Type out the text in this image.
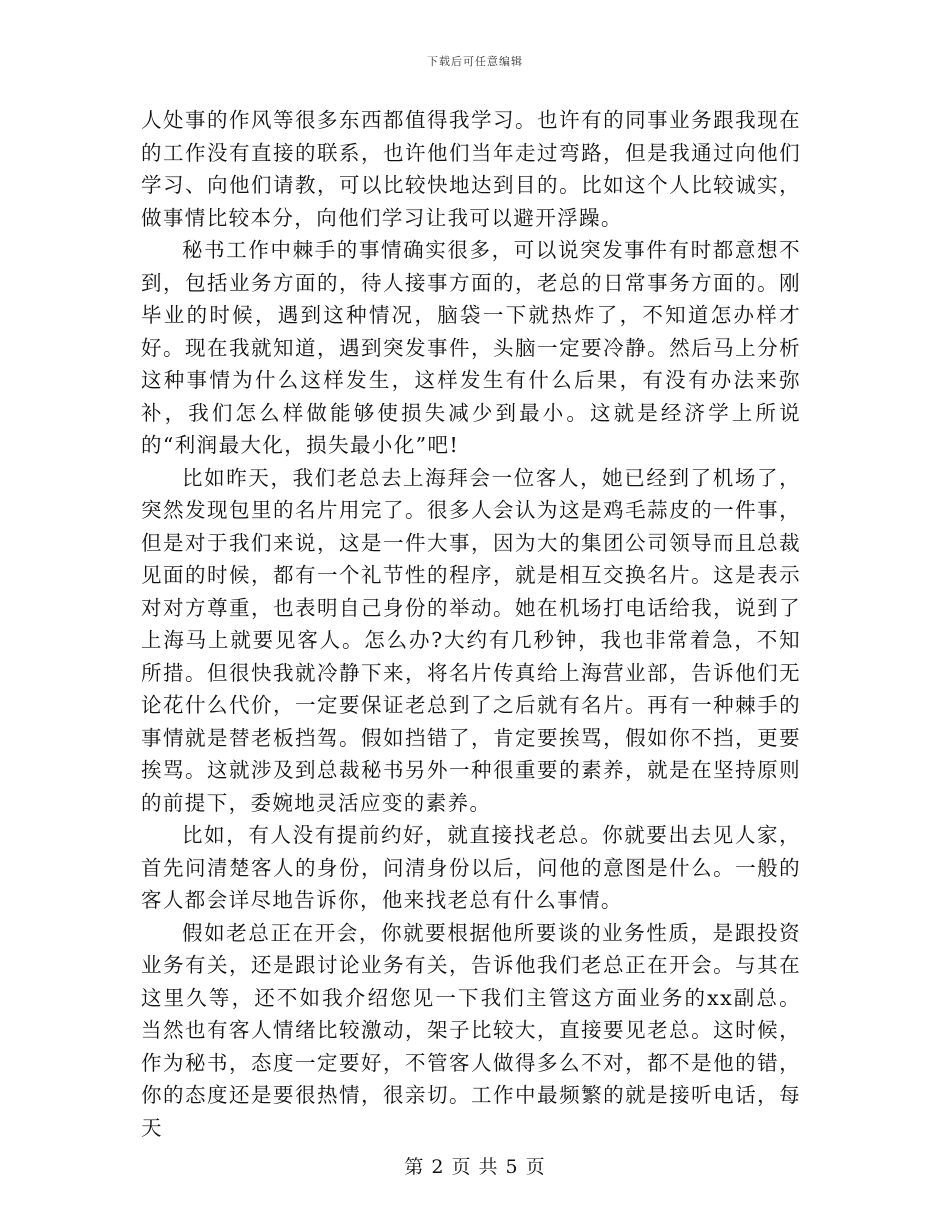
下载后可任意编辑

人处事的作风等很多东西都值得我学习。也许有的同事业务跟我现在的工作没有直接的联系，也许他们当年走过弯路，但是我通过向他们学习、向他们请教，可以比较快地达到目的。比如这个人比较诚实，做事情比较本分，向他们学习让我可以避开浮躁。

秘书工作中棘手的事情确实很多，可以说突发事件有时都意想不到，包括业务方面的，待人接事方面的，老总的日常事务方面的。刚毕业的时候，遇到这种情况，脑袋一下就热炸了，不知道怎办样才好。现在我就知道，遇到突发事件，头脑一定要冷静。然后马上分析这种事情为什么这样发生，这样发生有什么后果，有没有办法来弥补，我们怎么样做能够使损失减少到最小。这就是经济学上所说的“利润最大化，损失最小化”吧!

比如昨天，我们老总去上海拜会一位客人，她已经到了机场了，突然发现包里的名片用完了。很多人会认为这是鸡毛蒜皮的一件事，但是对于我们来说，这是一件大事，因为大的集团公司领导而且总裁见面的时候，都有一个礼节性的程序，就是相互交换名片。这是表示对对方尊重，也表明自己身份的举动。她在机场打电话给我，说到了上海马上就要见客人。怎么办?大约有几秒钟，我也非常着急，不知所措。但很快我就冷静下来，将名片传真给上海营业部，告诉他们无论花什么代价，一定要保证老总到了之后就有名片。再有一种棘手的事情就是替老板挡驾。假如挡错了，肯定要挨骂，假如你不挡，更要挨骂。这就涉及到总裁秘书另外一种很重要的素养，就是在坚持原则的前提下，委婉地灵活应变的素养。

比如，有人没有提前约好，就直接找老总。你就要出去见人家，首先问清楚客人的身份，问清身份以后，问他的意图是什么。一般的客人都会详尽地告诉你，他来找老总有什么事情。

假如老总正在开会，你就要根据他所要谈的业务性质，是跟投资业务有关，还是跟讨论业务有关，告诉他我们老总正在开会。与其在这里久等，还不如我介绍您见一下我们主管这方面业务的xx副总。当然也有客人情绪比较激动，架子比较大，直接要见老总。这时候，作为秘书，态度一定要好，不管客人做得多么不对，都不是他的错，你的态度还是要很热情，很亲切。工作中最频繁的就是接听电话，每天

第 2 页 共 5 页
